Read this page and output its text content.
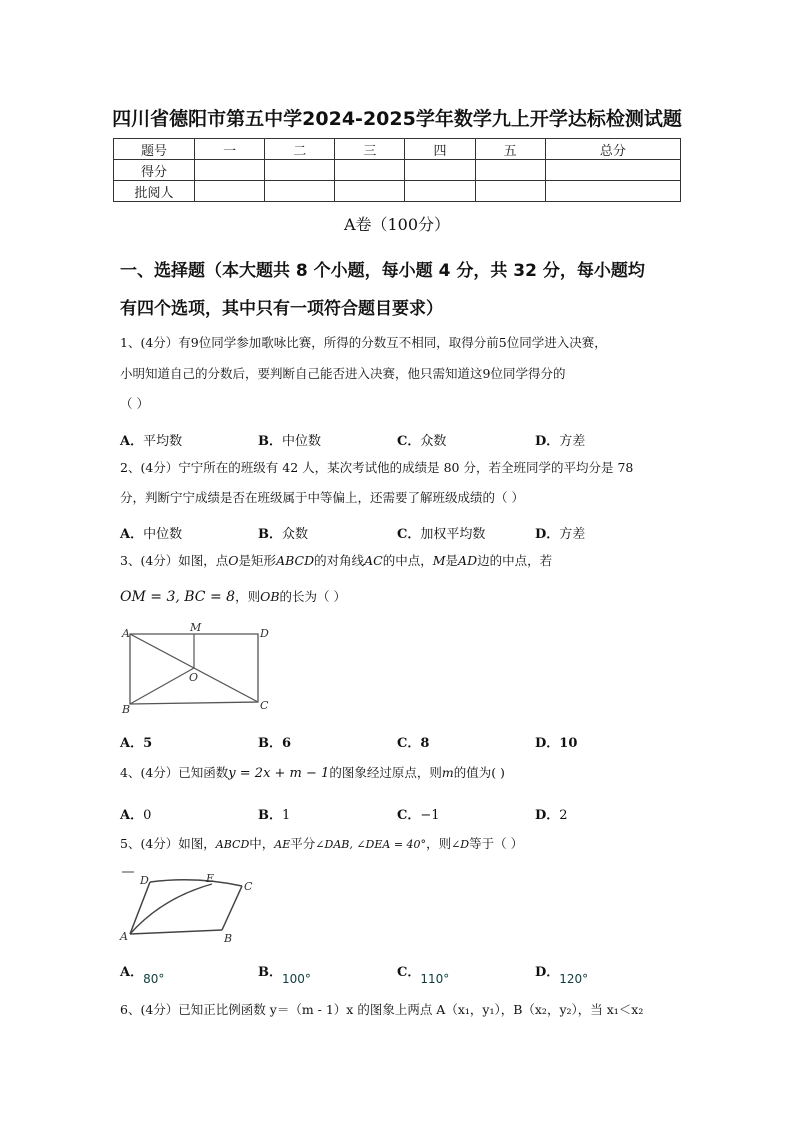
四川省德阳市第五中学2024-2025学年数学九上开学达标检测试题
题号	一	二	三	四	五	总分
得分						
批阅人						
A卷（100分）
一、选择题（本大题共 8 个小题，每小题 4 分，共 32 分，每小题均
有四个选项，其中只有一项符合题目要求）
1、(4分）有9位同学参加歌咏比赛，所得的分数互不相同，取得分前5位同学进入决赛，
小明知道自己的分数后，要判断自己能否进入决赛，他只需知道这9位同学得分的
（ ）
A．平均数	B．中位数	C．众数	D．方差
2、(4分）宁宁所在的班级有 42 人，某次考试他的成绩是 80 分，若全班同学的平均分是 78
分，判断宁宁成绩是否在班级属于中等偏上，还需要了解班级成绩的（ ）
A．中位数	B．众数	C．加权平均数	D．方差
3、(4分）如图，点O是矩形ABCD的对角线AC的中点，M是AD边的中点，若
OM = 3, BC = 8，则OB的长为（ ）
A	M	D
O
B	C
A．5	B．6	C．8	D．10
4、(4分）已知函数y = 2x + m − 1的图象经过原点，则m的值为( )
A．0	B．1	C．−1	D．2
5、(4分）如图，ABCD中，AE平分∠DAB, ∠DEA = 40°，则∠D等于（ ）
D	E
C
A	B
A．$_{80^\circ}$	B．$_{100^\circ}$	C．$_{110^\circ}$	D．$_{120^\circ}$
6、(4分）已知正比例函数 y＝（m - 1）x 的图象上两点 A（x₁，y₁），B（x₂，y₂），当 x₁＜x₂
